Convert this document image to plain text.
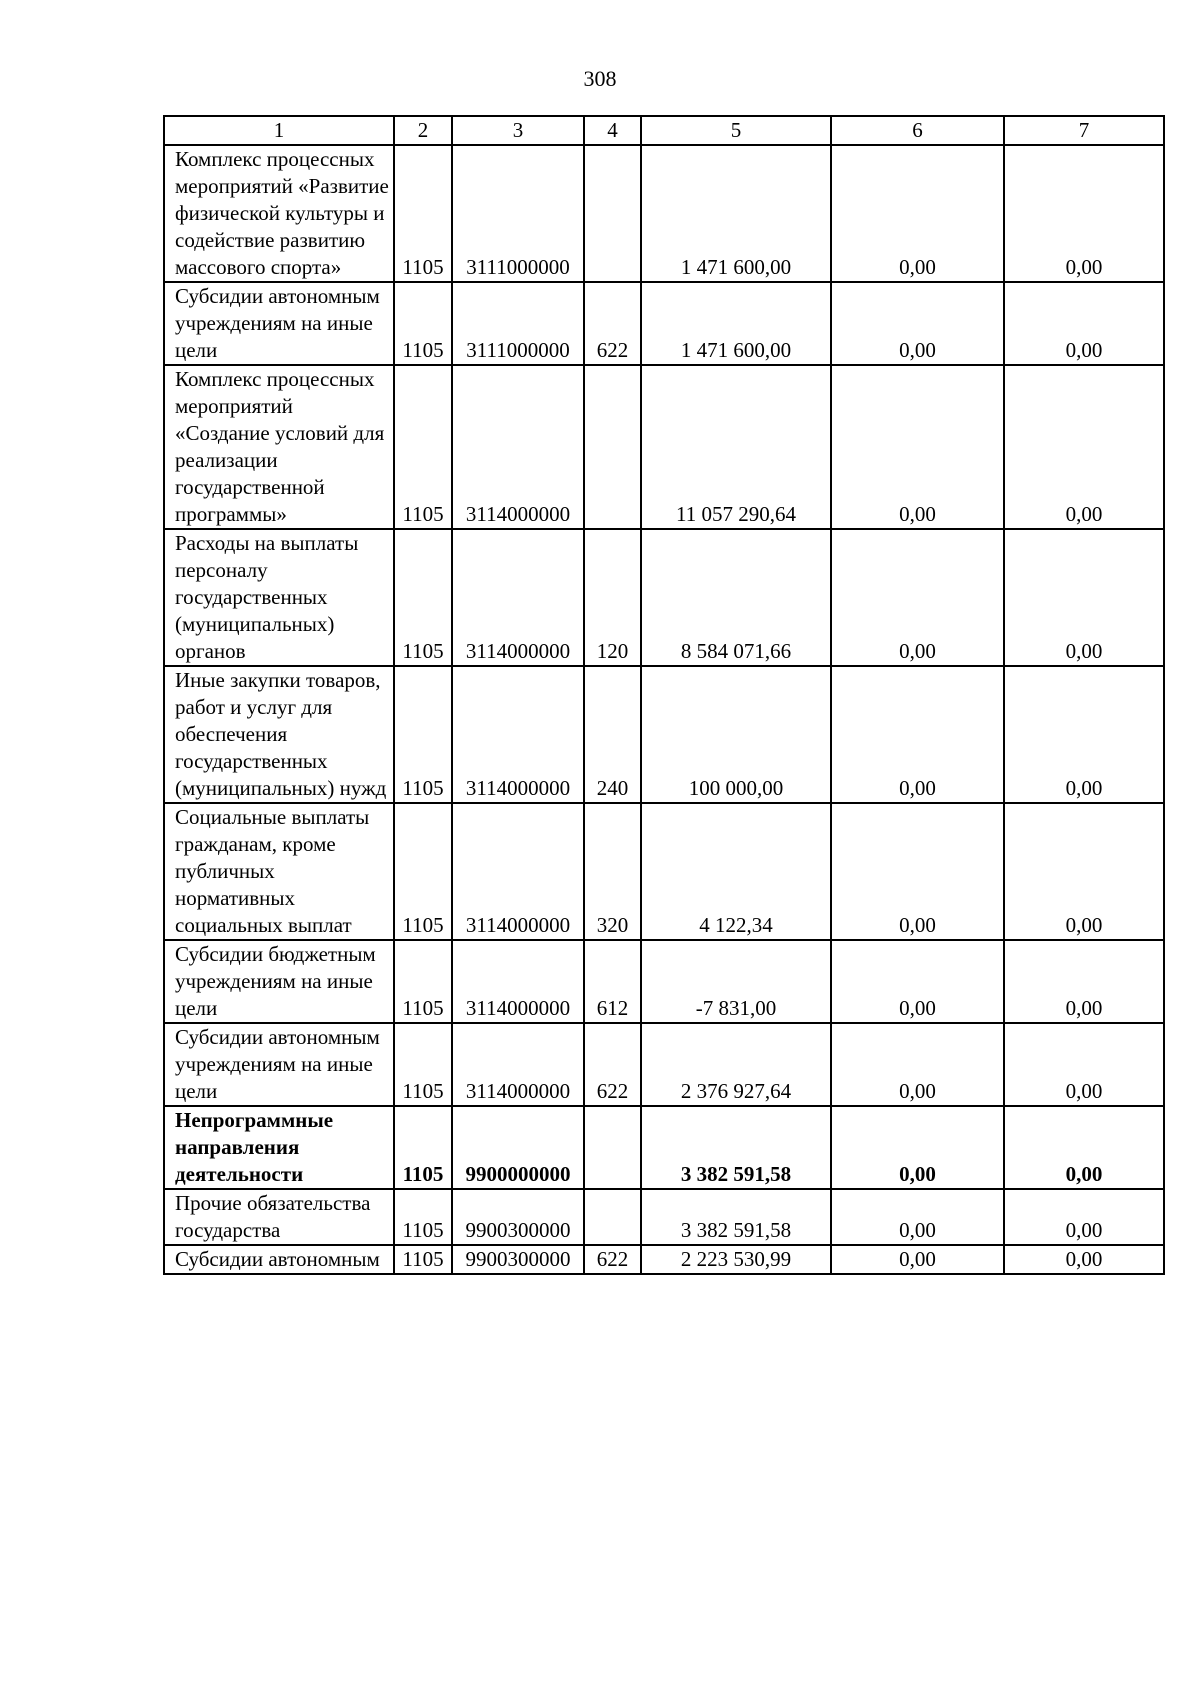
308
1	2	3	4	5	6	7
Комплекс процессных мероприятий «Развитие физической культуры и содействие развитию массового спорта»	1105	3111000000		1 471 600,00	0,00	0,00
Субсидии автономным учреждениям на иные цели	1105	3111000000	622	1 471 600,00	0,00	0,00
Комплекс процессных мероприятий «Создание условий для реализации государственной программы»	1105	3114000000		11 057 290,64	0,00	0,00
Расходы на выплаты персоналу государственных (муниципальных) органов	1105	3114000000	120	8 584 071,66	0,00	0,00
Иные закупки товаров, работ и услуг для обеспечения государственных (муниципальных) нужд	1105	3114000000	240	100 000,00	0,00	0,00
Социальные выплаты гражданам, кроме публичных нормативных социальных выплат	1105	3114000000	320	4 122,34	0,00	0,00
Субсидии бюджетным учреждениям на иные цели	1105	3114000000	612	-7 831,00	0,00	0,00
Субсидии автономным учреждениям на иные цели	1105	3114000000	622	2 376 927,64	0,00	0,00
Непрограммные направления деятельности	1105	9900000000		3 382 591,58	0,00	0,00
Прочие обязательства государства	1105	9900300000		3 382 591,58	0,00	0,00
Субсидии автономным	1105	9900300000	622	2 223 530,99	0,00	0,00
